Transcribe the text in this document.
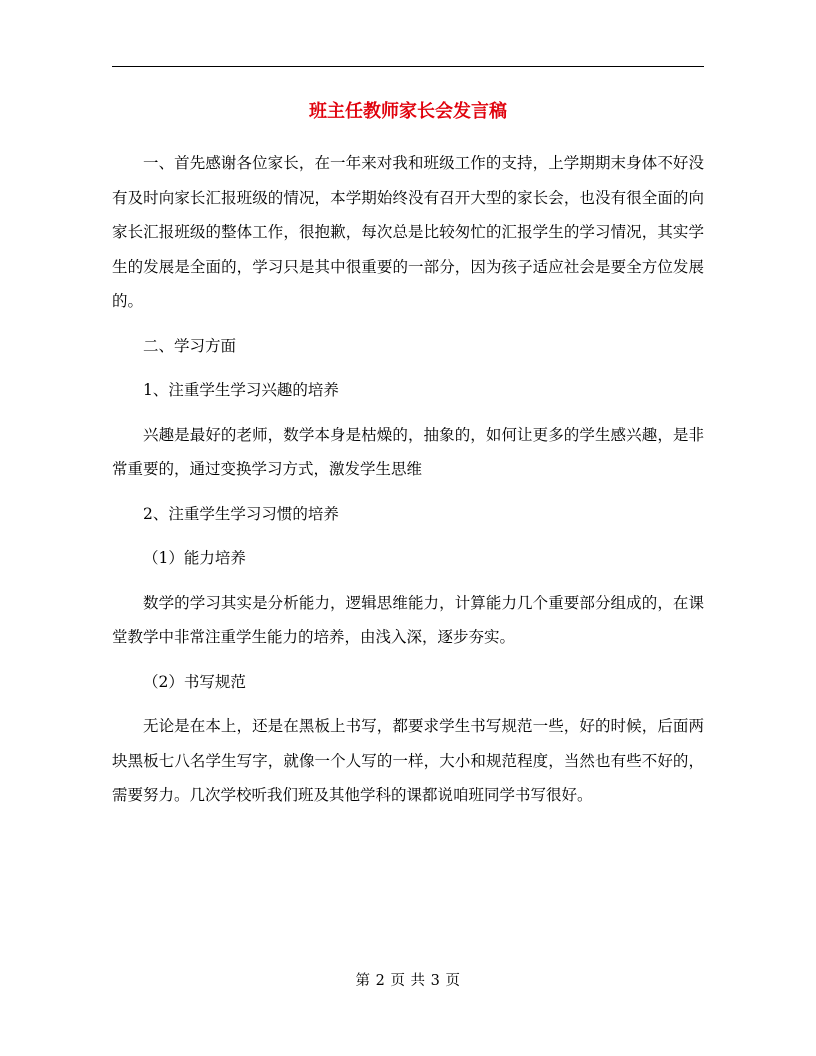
班主任教师家长会发言稿

一、首先感谢各位家长，在一年来对我和班级工作的支持，上学期期末身体不好没有及时向家长汇报班级的情况，本学期始终没有召开大型的家长会，也没有很全面的向家长汇报班级的整体工作，很抱歉，每次总是比较匆忙的汇报学生的学习情况，其实学生的发展是全面的，学习只是其中很重要的一部分，因为孩子适应社会是要全方位发展的。

二、学习方面

1、注重学生学习兴趣的培养

兴趣是最好的老师，数学本身是枯燥的，抽象的，如何让更多的学生感兴趣，是非常重要的，通过变换学习方式，激发学生思维

2、注重学生学习习惯的培养

（1）能力培养

数学的学习其实是分析能力，逻辑思维能力，计算能力几个重要部分组成的，在课堂教学中非常注重学生能力的培养，由浅入深，逐步夯实。

（2）书写规范

无论是在本上，还是在黑板上书写，都要求学生书写规范一些，好的时候，后面两块黑板七八名学生写字，就像一个人写的一样，大小和规范程度，当然也有些不好的，需要努力。几次学校听我们班及其他学科的课都说咱班同学书写很好。

第 2 页 共 3 页
